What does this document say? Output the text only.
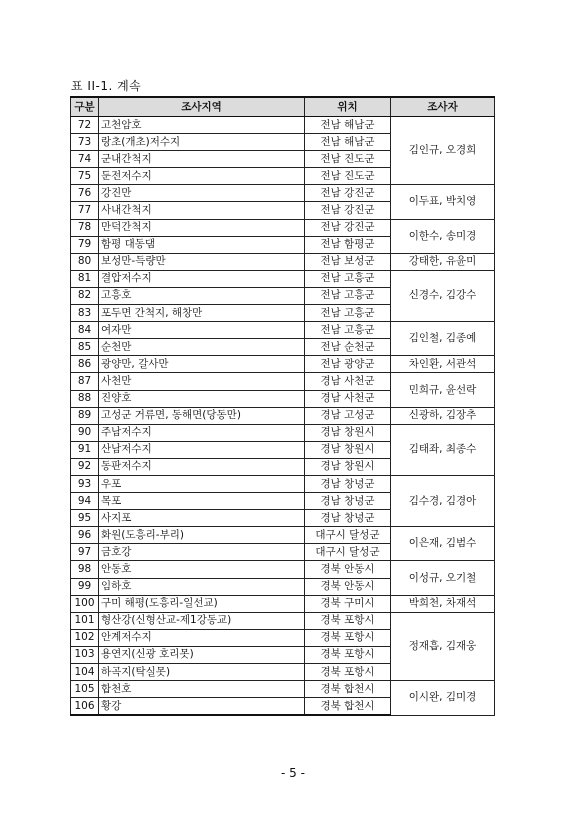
표 II-1. 계속
구분	조사지역	위치	조사자
72	고천암호	전남 해남군	김인규, 오경희
73	랑초(개초)저수지	전남 해남군	
74	군내간척지	전남 진도군	
75	둔전저수지	전남 진도군	
76	강진만	전남 강진군	이두표, 박치영
77	사내간척지	전남 강진군	
78	만덕간척지	전남 강진군	이한수, 송미경
79	함평 대동댐	전남 함평군	
80	보성만-득량만	전남 보성군	강태한, 유윤미
81	결압저수지	전남 고흥군	신경수, 김강수
82	고흥호	전남 고흥군	
83	포두면 간척지, 해창만	전남 고흥군	
84	여자만	전남 고흥군	김인철, 김종예
85	순천만	전남 순천군	
86	광양만, 갈사만	전남 광양군	차인환, 서관석
87	사천만	경남 사천군	민희규, 윤선락
88	진양호	경남 사천군	
89	고성군 거류면, 동해면(당동만)	경남 고성군	신광하, 김장추
90	주남저수지	경남 창원시	김태좌, 최종수
91	산남저수지	경남 창원시	
92	동판저수지	경남 창원시	
93	우포	경남 창녕군	김수경, 김경아
94	목포	경남 창녕군	
95	사지포	경남 창녕군	
96	화원(도흥리-부리)	대구시 달성군	이은재, 김범수
97	금호강	대구시 달성군	
98	안동호	경북 안동시	이성규, 오기철
99	임하호	경북 안동시	
100	구미 해평(도흥리-일선교)	경북 구미시	박희천, 차재석
101	형산강(신형산교-제1강동교)	경북 포항시	정재흡, 김재웅
102	안계저수지	경북 포항시	
103	용연지(신광 호리못)	경북 포항시	
104	하곡지(탁실못)	경북 포항시	
105	합천호	경북 합천시	이시완, 김미경
106	황강	경북 합천시	
- 5 -
